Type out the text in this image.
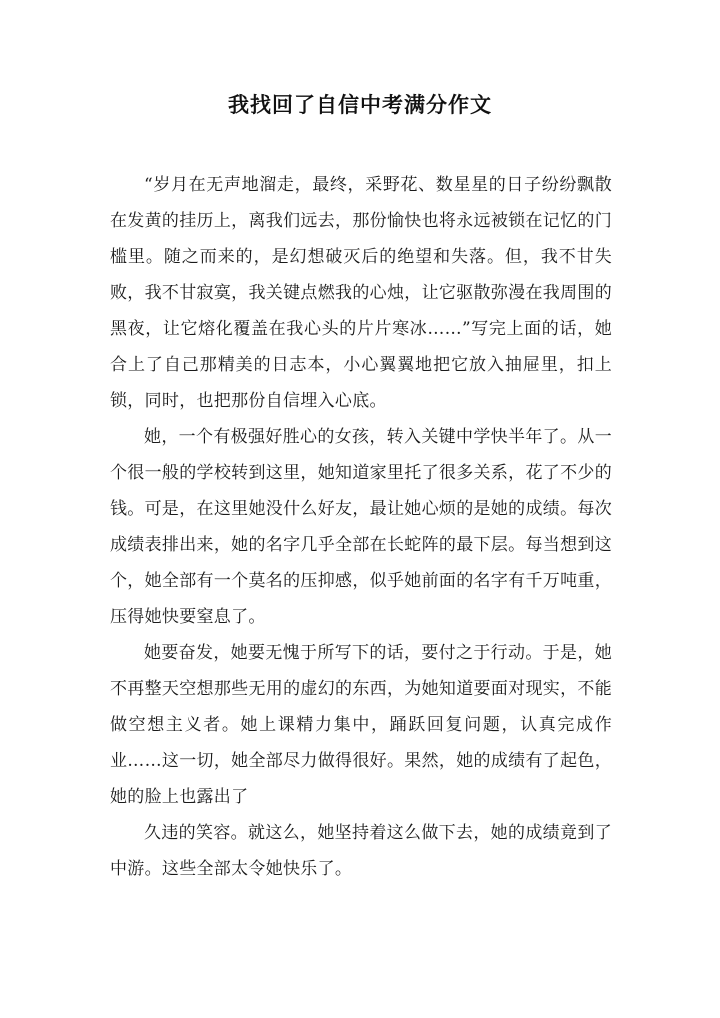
我找回了自信中考满分作文

“岁月在无声地溜走，最终，采野花、数星星的日子纷纷飘散在发黄的挂历上，离我们远去，那份愉快也将永远被锁在记忆的门槛里。随之而来的，是幻想破灭后的绝望和失落。但，我不甘失败，我不甘寂寞，我关键点燃我的心烛，让它驱散弥漫在我周围的黑夜，让它熔化覆盖在我心头的片片寒冰……”写完上面的话，她合上了自己那精美的日志本，小心翼翼地把它放入抽屉里，扣上锁，同时，也把那份自信埋入心底。

她，一个有极强好胜心的女孩，转入关键中学快半年了。从一个很一般的学校转到这里，她知道家里托了很多关系，花了不少的钱。可是，在这里她没什么好友，最让她心烦的是她的成绩。每次成绩表排出来，她的名字几乎全部在长蛇阵的最下层。每当想到这个，她全部有一个莫名的压抑感，似乎她前面的名字有千万吨重，压得她快要窒息了。

她要奋发，她要无愧于所写下的话，要付之于行动。于是，她不再整天空想那些无用的虚幻的东西，为她知道要面对现实，不能做空想主义者。她上课精力集中，踊跃回复问题，认真完成作业……这一切，她全部尽力做得很好。果然，她的成绩有了起色，她的脸上也露出了

久违的笑容。就这么，她坚持着这么做下去，她的成绩竟到了中游。这些全部太令她快乐了。
